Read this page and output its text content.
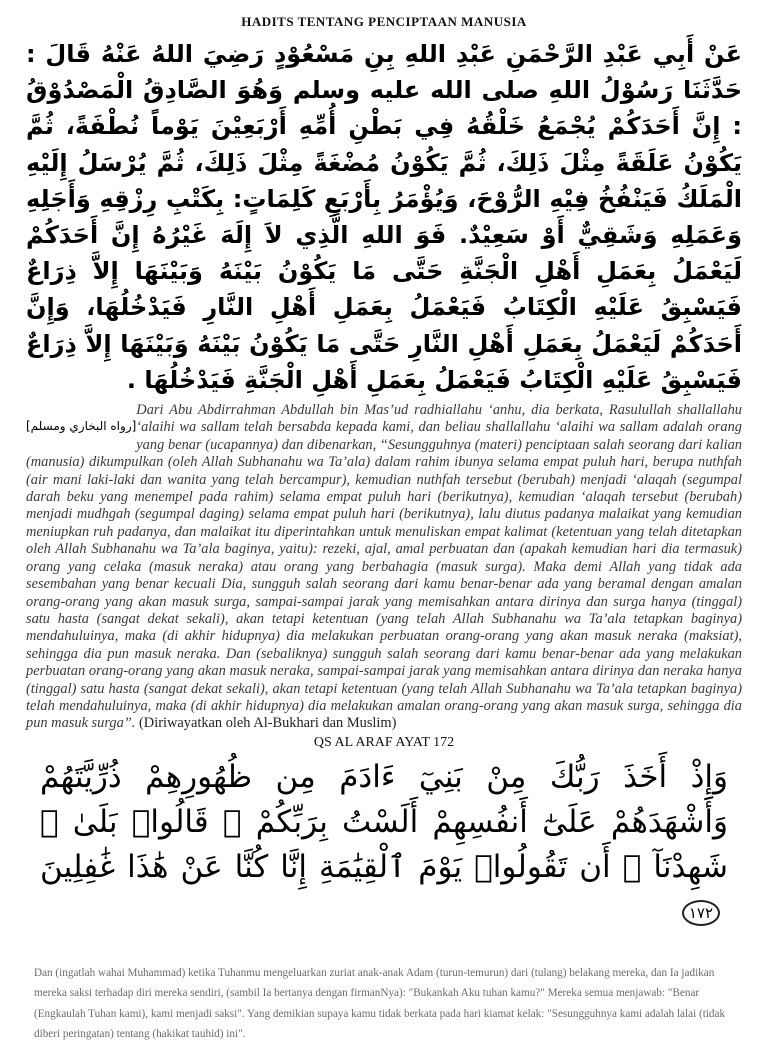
HADITS TENTANG PENCIPTAAN MANUSIA
عَنْ أَبِي عَبْدِ الرَّحْمَنِ عَبْدِ اللهِ بِنِ مَسْعُوْدٍ رَضِيَ اللهُ عَنْهُ قَالَ : حَدَّثَنَا رَسُوْلُ اللهِ صلى الله عليه وسلم وَهُوَ الصَّادِقُ الْمَصْدُوْقُ : إِنَّ أَحَدَكُمْ يُجْمَعُ خَلْقُهُ فِي بَطْنِ أُمِّهِ أَرْبَعِيْنَ يَوْماً نُطْفَةً، ثُمَّ يَكُوْنُ عَلَقَةً مِثْلَ ذَلِكَ، ثُمَّ يَكُوْنُ مُضْغَةً مِثْلَ ذَلِكَ، ثُمَّ يُرْسَلُ إِلَيْهِ الْمَلَكُ فَيَنْفُخُ فِيْهِ الرُّوْحَ، وَيُؤْمَرُ بِأَرْبَعِ كَلِمَاتٍ: بِكَتْبِ رِزْقِهِ وَأَجَلِهِ وَعَمَلِهِ وَشَقِيٌّ أَوْ سَعِيْدٌ. فَوَ اللهِ الَّذِي لاَ إِلَهَ غَيْرُهُ إِنَّ أَحَدَكُمْ لَيَعْمَلُ بِعَمَلِ أَهْلِ الْجَنَّةِ حَتَّى مَا يَكُوْنُ بَيْنَهُ وَبَيْنَهَا إِلاَّ ذِرَاعٌ فَيَسْبِقُ عَلَيْهِ الْكِتَابُ فَيَعْمَلُ بِعَمَلِ أَهْلِ النَّارِ فَيَدْخُلُهَا، وَإِنَّ أَحَدَكُمْ لَيَعْمَلُ بِعَمَلِ أَهْلِ النَّارِ حَتَّى مَا يَكُوْنُ بَيْنَهُ وَبَيْنَهَا إِلاَّ ذِرَاعٌ فَيَسْبِقُ عَلَيْهِ الْكِتَابُ فَيَعْمَلُ بِعَمَلِ أَهْلِ الْجَنَّةِ فَيَدْخُلُهَا .
[رواه البخاري ومسلم]

Dari Abu Abdirrahman Abdullah bin Mas’ud radhiallahu ‘anhu, dia berkata, Rasulullah shallallahu ‘alaihi wa sallam telah bersabda kepada kami, dan beliau shallallahu ‘alaihi wa sallam adalah orang yang benar (ucapannya) dan dibenarkan, “Sesungguhnya (materi) penciptaan salah seorang dari kalian (manusia) dikumpulkan (oleh Allah Subhanahu wa Ta’ala) dalam rahim ibunya selama empat puluh hari, berupa nuthfah (air mani laki-laki dan wanita yang telah bercampur), kemudian nuthfah tersebut (berubah) menjadi ‘alaqah (segumpal darah beku yang menempel pada rahim) selama empat puluh hari (berikutnya), kemudian ‘alaqah tersebut (berubah) menjadi mudhgah (segumpal daging) selama empat puluh hari (berikutnya), lalu diutus padanya malaikat yang kemudian meniupkan ruh padanya, dan malaikat itu diperintahkan untuk menuliskan empat kalimat (ketentuan yang telah ditetapkan oleh Allah Subhanahu wa Ta’ala baginya, yaitu): rezeki, ajal, amal perbuatan dan (apakah kemudian hari dia termasuk) orang yang celaka (masuk neraka) atau orang yang berbahagia (masuk surga). Maka demi Allah yang tidak ada sesembahan yang benar kecuali Dia, sungguh salah seorang dari kamu benar-benar ada yang beramal dengan amalan orang-orang yang akan masuk surga, sampai-sampai jarak yang memisahkan antara dirinya dan surga hanya (tinggal) satu hasta (sangat dekat sekali), akan tetapi ketentuan (yang telah Allah Subhanahu wa Ta’ala tetapkan baginya) mendahuluinya, maka (di akhir hidupnya) dia melakukan perbuatan orang-orang yang akan masuk neraka (maksiat), sehingga dia pun masuk neraka. Dan (sebaliknya) sungguh salah seorang dari kamu benar-benar ada yang melakukan perbuatan orang-orang yang akan masuk neraka, sampai-sampai jarak yang memisahkan antara dirinya dan neraka hanya (tinggal) satu hasta (sangat dekat sekali), akan tetapi ketentuan (yang telah Allah Subhanahu wa Ta’ala tetapkan baginya) telah mendahuluinya, maka (di akhir hidupnya) dia melakukan amalan orang-orang yang akan masuk surga, sehingga dia pun masuk surga”. (Diriwayatkan oleh Al-Bukhari dan Muslim)

QS AL ARAF AYAT 172
وَإِذْ أَخَذَ رَبُّكَ مِنْ بَنِيٓ ءَادَمَ مِن ظُهُورِهِمْ ذُرِّيَّتَهُمْ وَأَشْهَدَهُمْ عَلَىٰٓ أَنفُسِهِمْ أَلَسْتُ بِرَبِّكُمْ ۖ قَالُوا۟ بَلَىٰ ۛ شَهِدْنَآ ۛ أَن تَقُولُوا۟ يَوْمَ ٱلْقِيَٰمَةِ إِنَّا كُنَّا عَنْ هَٰذَا غَٰفِلِينَ ١٧٢

Dan (ingatlah wahai Muhammad) ketika Tuhanmu mengeluarkan zuriat anak-anak Adam (turun-temurun) dari (tulang) belakang mereka, dan Ia jadikan mereka saksi terhadap diri mereka sendiri, (sambil Ia bertanya dengan firmanNya): "Bukankah Aku tuhan kamu?" Mereka semua menjawab: "Benar (Engkaulah Tuhan kami), kami menjadi saksi". Yang demikian supaya kamu tidak berkata pada hari kiamat kelak: "Sesungguhnya kami adalah lalai (tidak diberi peringatan) tentang (hakikat tauhid) ini".
